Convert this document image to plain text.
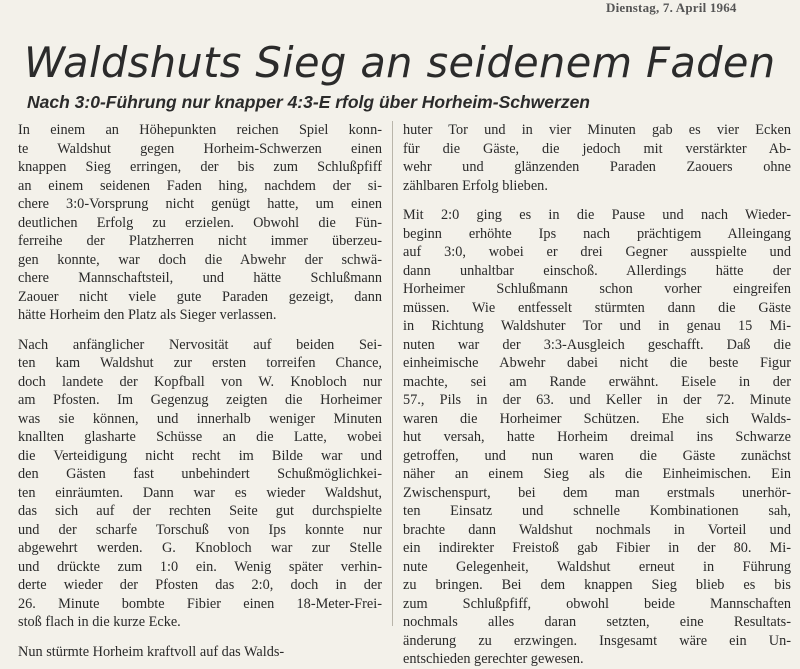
Dienstag, 7. April 1964
Waldshuts Sieg an seidenem Faden
Nach 3:0-Führung nur knapper 4:3-E rfolg über Horheim-Schwerzen
In einem an Höhepunkten reichen Spiel konn-
te Waldshut gegen Horheim-Schwerzen einen
knappen Sieg erringen, der bis zum Schlußpfiff
an einem seidenen Faden hing, nachdem der si-
chere 3:0-Vorsprung nicht genügt hatte, um einen
deutlichen Erfolg zu erzielen. Obwohl die Fün-
ferreihe der Platzherren nicht immer überzeu-
gen konnte, war doch die Abwehr der schwä-
chere Mannschaftsteil, und hätte Schlußmann
Zaouer nicht viele gute Paraden gezeigt, dann
hätte Horheim den Platz als Sieger verlassen.
Nach anfänglicher Nervosität auf beiden Sei-
ten kam Waldshut zur ersten torreifen Chance,
doch landete der Kopfball von W. Knobloch nur
am Pfosten. Im Gegenzug zeigten die Horheimer
was sie können, und innerhalb weniger Minuten
knallten glasharte Schüsse an die Latte, wobei
die Verteidigung nicht recht im Bilde war und
den Gästen fast unbehindert Schußmöglichkei-
ten einräumten. Dann war es wieder Waldshut,
das sich auf der rechten Seite gut durchspielte
und der scharfe Torschuß von Ips konnte nur
abgewehrt werden. G. Knobloch war zur Stelle
und drückte zum 1:0 ein. Wenig später verhin-
derte wieder der Pfosten das 2:0, doch in der
26. Minute bombte Fibier einen 18-Meter-Frei-
stoß flach in die kurze Ecke.
Nun stürmte Horheim kraftvoll auf das Walds-
huter Tor und in vier Minuten gab es vier Ecken
für die Gäste, die jedoch mit verstärkter Ab-
wehr und glänzenden Paraden Zaouers ohne
zählbaren Erfolg blieben.
Mit 2:0 ging es in die Pause und nach Wieder-
beginn erhöhte Ips nach prächtigem Alleingang
auf 3:0, wobei er drei Gegner ausspielte und
dann unhaltbar einschoß. Allerdings hätte der
Horheimer Schlußmann schon vorher eingreifen
müssen. Wie entfesselt stürmten dann die Gäste
in Richtung Waldshuter Tor und in genau 15 Mi-
nuten war der 3:3-Ausgleich geschafft. Daß die
einheimische Abwehr dabei nicht die beste Figur
machte, sei am Rande erwähnt. Eisele in der
57., Pils in der 63. und Keller in der 72. Minute
waren die Horheimer Schützen. Ehe sich Walds-
hut versah, hatte Horheim dreimal ins Schwarze
getroffen, und nun waren die Gäste zunächst
näher an einem Sieg als die Einheimischen. Ein
Zwischenspurt, bei dem man erstmals unerhör-
ten Einsatz und schnelle Kombinationen sah,
brachte dann Waldshut nochmals in Vorteil und
ein indirekter Freistoß gab Fibier in der 80. Mi-
nute Gelegenheit, Waldshut erneut in Führung
zu bringen. Bei dem knappen Sieg blieb es bis
zum Schlußpfiff, obwohl beide Mannschaften
nochmals alles daran setzten, eine Resultats-
änderung zu erzwingen. Insgesamt wäre ein Un-
entschieden gerechter gewesen.
